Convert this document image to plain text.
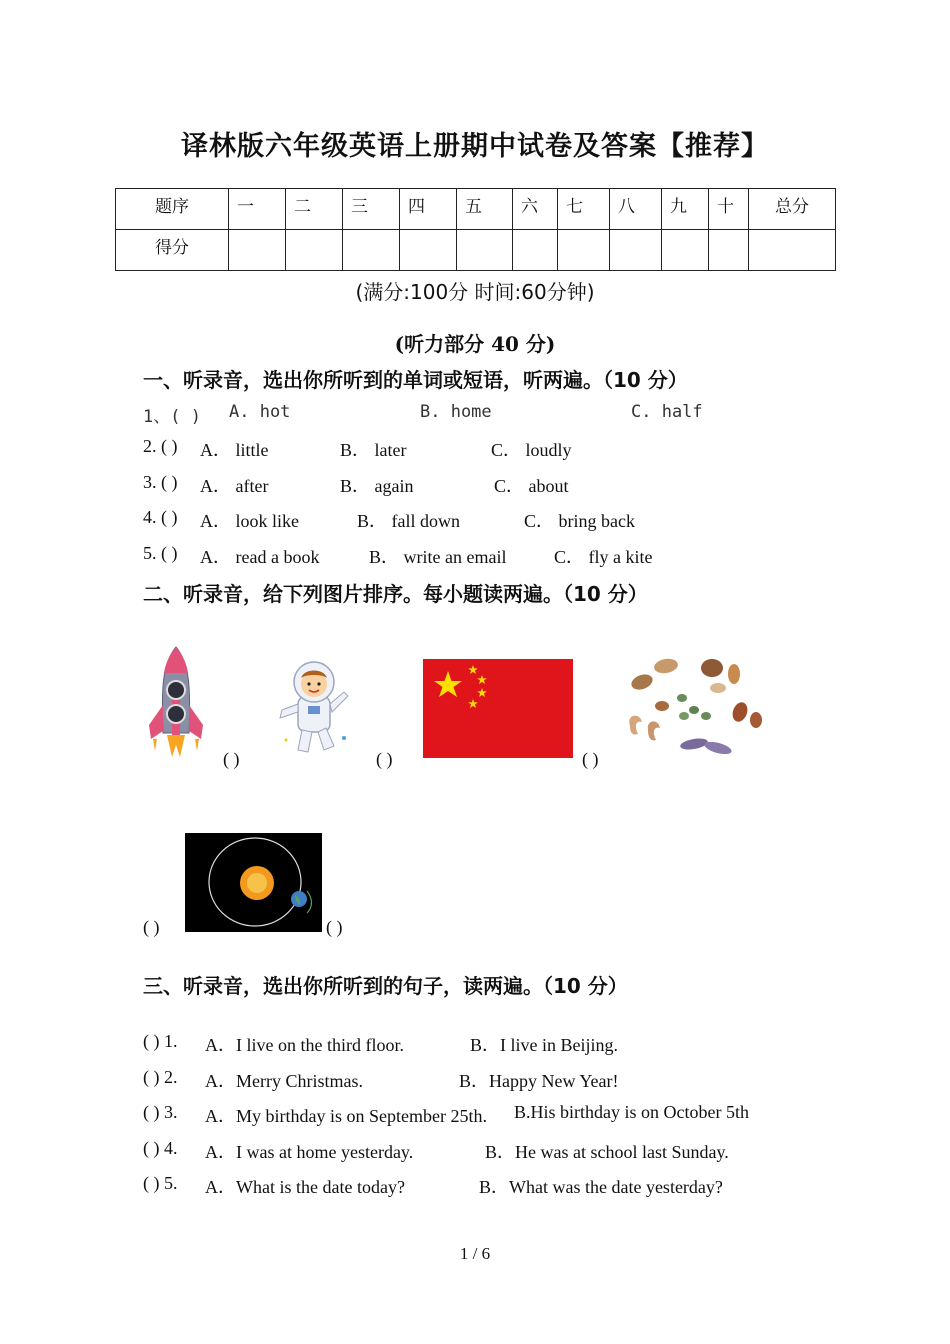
译林版六年级英语上册期中试卷及答案【推荐】
题序	一	二	三	四	五	六	七	八	九	十	总分
得分											
(满分:100分 时间:60分钟)
(听力部分 40 分)
一、听录音，选出你所听到的单词或短语，听两遍。（10 分）
1、( ) A. hot	B. home	C. half
2. ( ) A． little	B． later	C． loudly
3. ( ) A． after	B． again	C． about
4. ( ) A． look like	B． fall down	C． bring back
5. ( ) A． read a book	B． write an email	C． fly a kite
二、听录音，给下列图片排序。每小题读两遍。（10 分）
( )	( )	( )
( )	( )
三、听录音，选出你所听到的句子，读两遍。（10 分）
( ) 1. A．I live on the third floor.	B．I live in Beijing.
( ) 2. A．Merry Christmas.	B．Happy New Year!
( ) 3. A．My birthday is on September 25th. B.His birthday is on October 5th
( ) 4. A．I was at home yesterday.	B．He was at school last Sunday.
( ) 5. A．What is the date today?	B．What was the date yesterday?
1 / 6
